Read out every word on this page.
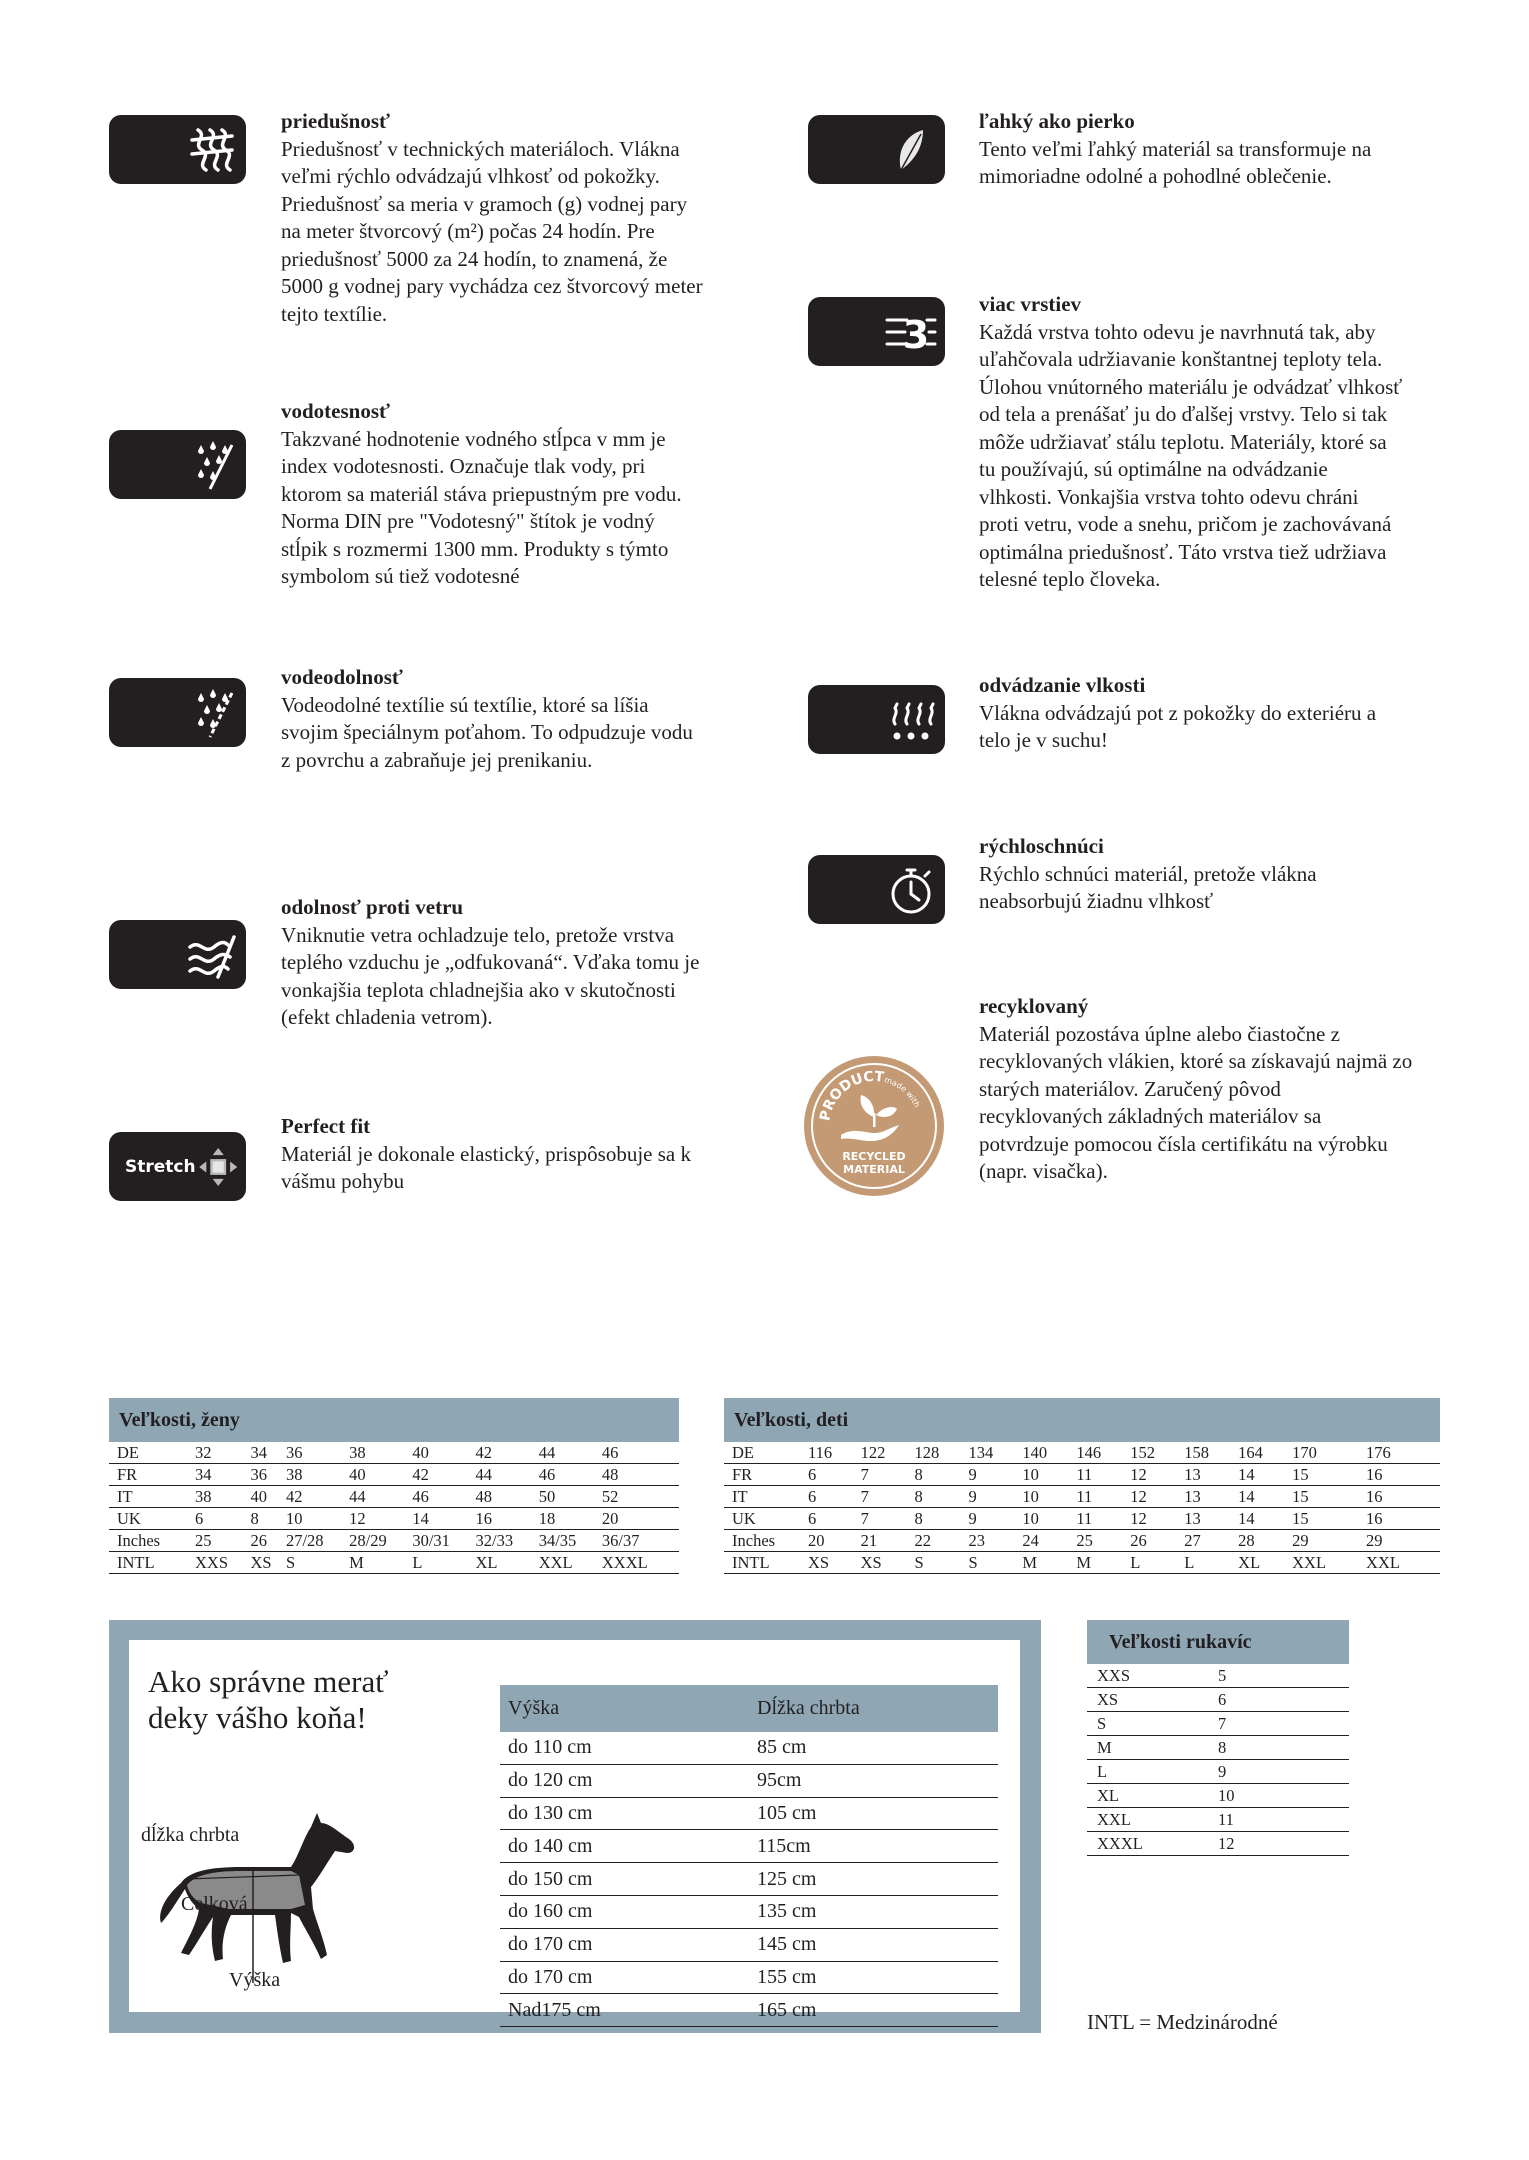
priedušnosť
Priedušnosť v technických materiáloch. Vlákna
veľmi rýchlo odvádzajú vlhkosť od pokožky.
Priedušnosť sa meria v gramoch (g) vodnej pary
na meter štvorcový (m²) počas 24 hodín. Pre
priedušnosť 5000 za 24 hodín, to znamená, že
5000 g vodnej pary vychádza cez štvorcový meter
tejto textílie.
vodotesnosť
Takzvané hodnotenie vodného stĺpca v mm je
index vodotesnosti. Označuje tlak vody, pri
ktorom sa materiál stáva priepustným pre vodu.
Norma DIN pre "Vodotesný" štítok je vodný
stĺpik s rozmermi 1300 mm. Produkty s týmto
symbolom sú tiež vodotesné
vodeodolnosť
Vodeodolné textílie sú textílie, ktoré sa líšia
svojim špeciálnym poťahom. To odpudzuje vodu
z povrchu a zabraňuje jej prenikaniu.
odolnosť proti vetru
Vniknutie vetra ochladzuje telo, pretože vrstva
teplého vzduchu je „odfukovaná“. Vďaka tomu je
vonkajšia teplota chladnejšia ako v skutočnosti
(efekt chladenia vetrom).
Stretch
Perfect fit
Materiál je dokonale elastický, prispôsobuje sa k
vášmu pohybu
ľahký ako pierko
Tento veľmi ľahký materiál sa transformuje na
mimoriadne odolné a pohodlné oblečenie.
3
viac vrstiev
Každá vrstva tohto odevu je navrhnutá tak, aby
uľahčovala udržiavanie konštantnej teploty tela.
Úlohou vnútorného materiálu je odvádzať vlhkosť
od tela a prenášať ju do ďalšej vrstvy. Telo si tak
môže udržiavať stálu teplotu. Materiály, ktoré sa
tu používajú, sú optimálne na odvádzanie
vlhkosti. Vonkajšia vrstva tohto odevu chráni
proti vetru, vode a snehu, pričom je zachovávaná
optimálna priedušnosť. Táto vrstva tiež udržiava
telesné teplo človeka.
odvádzanie vlkosti
Vlákna odvádzajú pot z pokožky do exteriéru a
telo je v suchu!
rýchloschnúci
Rýchlo schnúci materiál, pretože vlákna
neabsorbujú žiadnu vlhkosť
PRODUCT
made with
RECYCLED
MATERIAL
recyklovaný
Materiál pozostáva úplne alebo čiastočne z
recyklovaných vlákien, ktoré sa získavajú najmä zo
starých materiálov. Zaručený pôvod
recyklovaných základných materiálov sa
potvrdzuje pomocou čísla certifikátu na výrobku
(napr. visačka).
Veľkosti, ženy
DE	32	34	36	38	40	42	44	46
FR	34	36	38	40	42	44	46	48
IT	38	40	42	44	46	48	50	52
UK	6	8	10	12	14	16	18	20
Inches	25	26	27/28	28/29	30/31	32/33	34/35	36/37
INTL	XXS	XS	S	M	L	XL	XXL	XXXL
Veľkosti, deti
DE	116	122	128	134	140	146	152	158	164	170	176
FR	6	7	8	9	10	11	12	13	14	15	16
IT	6	7	8	9	10	11	12	13	14	15	16
UK	6	7	8	9	10	11	12	13	14	15	16
Inches	20	21	22	23	24	25	26	27	28	29	29
INTL	XS	XS	S	S	M	M	L	L	XL	XXL	XXL
Ako správne merať deky vášho koňa!
dĺžka chrbta
Celková
Výška
Výška	Dĺžka chrbta
do 110 cm	85 cm
do 120 cm	95cm
do 130 cm	105 cm
do 140 cm	115cm
do 150 cm	125 cm
do 160 cm	135 cm
do 170 cm	145 cm
do 170 cm	155 cm
Nad175 cm	165 cm
Veľkosti rukavíc
XXS	5
XS	6
S	7
M	8
L	9
XL	10
XXL	11
XXXL	12
INTL = Medzinárodné
